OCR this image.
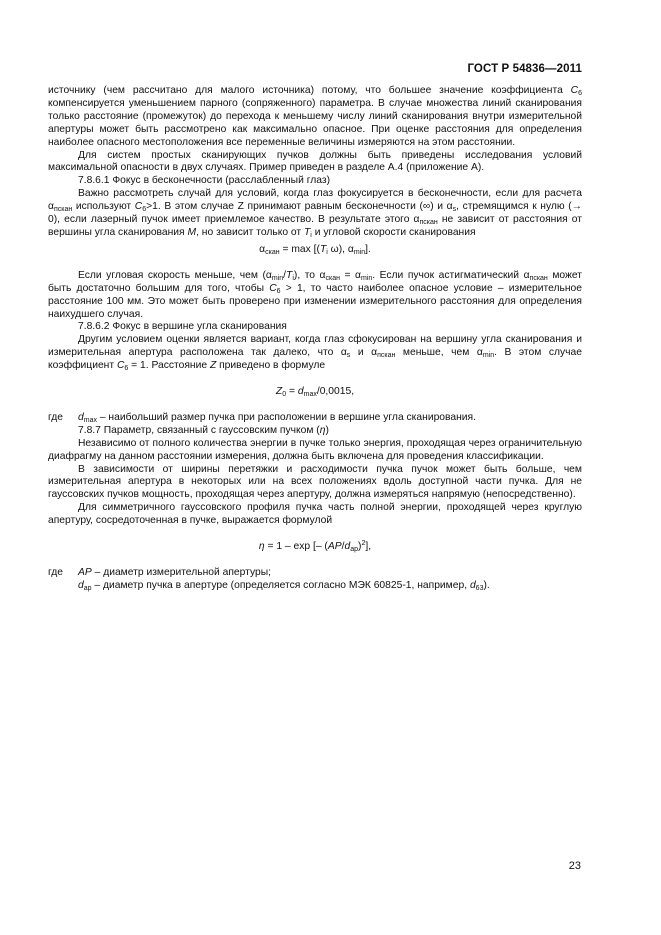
ГОСТ Р 54836—2011

источнику (чем рассчитано для малого источника) потому, что большее значение коэффициента $C_6$ компенсируется уменьшением парного (сопряженного) параметра. В случае множества линий сканирования только расстояние (промежуток) до перехода к меньшему числу линий сканирования внутри измерительной апертуры может быть рассмотрено как максимально опасное. При оценке расстояния для определения наиболее опасного местоположения все переменные величины измеряются на этом расстоянии.

Для систем простых сканирующих пучков должны быть приведены исследования условий максимальной опасности в двух случаях. Пример приведен в разделе А.4 (приложение А).

7.8.6.1 Фокус в бесконечности (расслабленный глаз)

Важно рассмотреть случай для условий, когда глаз фокусируется в бесконечности, если для расчета $\alpha_{пскан}$ используют $C_6>1$. В этом случае Z принимают равным бесконечности (∞) и $\alpha_s$, стремящимся к нулю (→ 0), если лазерный пучок имеет приемлемое качество. В результате этого $\alpha_{пскан}$ не зависит от расстояния от вершины угла сканирования M, но зависит только от $T_i$ и угловой скорости сканирования

$\alpha_{скан} = \max [(T_i$ ω), $\alpha_{min}$].

Если угловая скорость меньше, чем $(\alpha_{min}/T_i)$, то $\alpha_{скан} = \alpha_{min}$. Если пучок астигматический $\alpha_{пскан}$ может быть достаточно большим для того, чтобы $C_6 > 1$, то часто наиболее опасное условие – измерительное расстояние 100 мм. Это может быть проверено при изменении измерительного расстояния для определения наихудшего случая.

7.8.6.2 Фокус в вершине угла сканирования

Другим условием оценки является вариант, когда глаз сфокусирован на вершину угла сканирования и измерительная апертура расположена так далеко, что $\alpha_s$ и $\alpha_{пскан}$ меньше, чем $\alpha_{min}$. В этом случае коэффициент $C_6 = 1$. Расстояние Z приведено в формуле

$Z_0 = d_{max}/0,0015$,

где	$d_{max}$ – наибольший размер пучка при расположении в вершине угла сканирования.

7.8.7 Параметр, связанный с гауссовским пучком (η)

Независимо от полного количества энергии в пучке только энергия, проходящая через ограничительную диафрагму на данном расстоянии измерения, должна быть включена для проведения классификации.

В зависимости от ширины перетяжки и расходимости пучка пучок может быть больше, чем измерительная апертура в некоторых или на всех положениях вдоль доступной части пучка. Для не гауссовских пучков мощность, проходящая через апертуру, должна измеряться напрямую (непосредственно).

Для симметричного гауссовского профиля пучка часть полной энергии, проходящей через круглую апертуру, сосредоточенная в пучке, выражается формулой

η = 1 – exp [– $(AP/d_{ap})^2$],

где	AP – диаметр измерительной апертуры;

$d_{ap}$ – диаметр пучка в апертуре (определяется согласно МЭК 60825-1, например, $d_{63}$).

23
